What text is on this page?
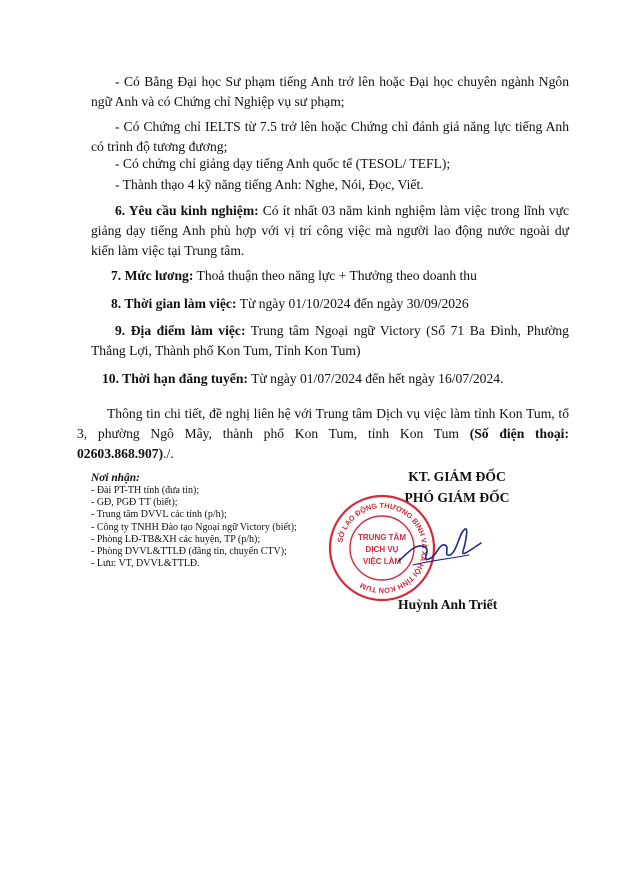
- Có Bằng Đại học Sư phạm tiếng Anh trở lên hoặc Đại học chuyên ngành Ngôn ngữ Anh và có Chứng chỉ Nghiệp vụ sư phạm;

- Có Chứng chỉ IELTS từ 7.5 trở lên hoặc Chứng chỉ đánh giá năng lực tiếng Anh có trình độ tương đương;

- Có chứng chỉ giảng dạy tiếng Anh quốc tế (TESOL/ TEFL);

- Thành thạo 4 kỹ năng tiếng Anh: Nghe, Nói, Đọc, Viết.

6. Yêu cầu kinh nghiệm: Có ít nhất 03 năm kinh nghiệm làm việc trong lĩnh vực giảng dạy tiếng Anh phù hợp với vị trí công việc mà người lao động nước ngoài dự kiến làm việc tại Trung tâm.

7. Mức lương: Thoả thuận theo năng lực + Thưởng theo doanh thu

8. Thời gian làm việc: Từ ngày 01/10/2024 đến ngày 30/09/2026

9. Địa điểm làm việc: Trung tâm Ngoại ngữ Victory (Số 71 Ba Đình, Phường Thắng Lợi, Thành phố Kon Tum, Tỉnh Kon Tum)

10. Thời hạn đăng tuyển: Từ ngày 01/07/2024 đến hết ngày 16/07/2024.

Thông tin chi tiết, đề nghị liên hệ với Trung tâm Dịch vụ việc làm tỉnh Kon Tum, tổ 3, phường Ngô Mây, thành phố Kon Tum, tỉnh Kon Tum (Số điện thoại: 02603.868.907)./.

Nơi nhận:
- Đài PT-TH tỉnh (đưa tin);
- GĐ, PGĐ TT (biết);
- Trung tâm DVVL các tỉnh (p/h);
- Công ty TNHH Đào tạo Ngoại ngữ Victory (biết);
- Phòng LĐ-TB&XH các huyện, TP (p/h);
- Phòng DVVL&TTLĐ (đăng tin, chuyển CTV);
- Lưu: VT, DVVL&TTLĐ.
KT. GIÁM ĐỐC
PHÓ GIÁM ĐỐC
SỞ LAO ĐỘNG THƯƠNG BINH VÀ XÃ HỘI TỈNH KON TUM
TRUNG TÂM
DỊCH VỤ
VIỆC LÀM
Huỳnh Anh Triết
